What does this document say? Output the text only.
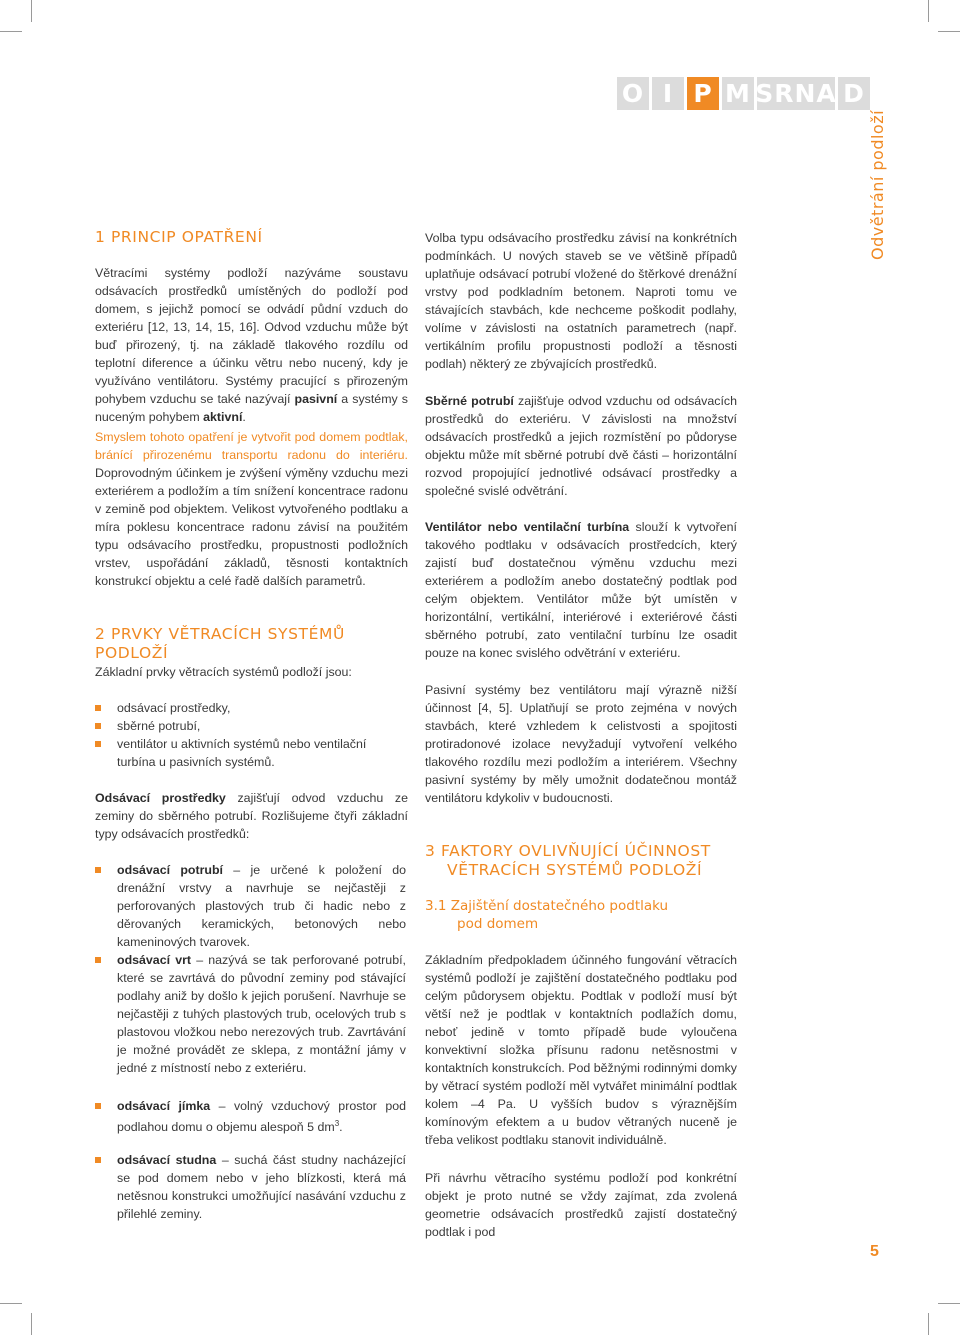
O I P M SRNA D
Odvětrání podloží
1 PRINCIP OPATŘENÍ

Větracími systémy podloží nazýváme soustavu odsávacích prostředků umístěných do podloží pod domem, s jejichž pomocí se odvádí půdní vzduch do exteriéru [12, 13, 14, 15, 16]. Odvod vzduchu může být buď přirozený, tj. na základě tlakového rozdílu od teplotní diference a účinku větru nebo nucený, kdy je využíváno ventilátoru. Systémy pracující s přirozeným pohybem vzduchu se také nazývají pasivní a systémy s nuceným pohybem aktivní.

Smyslem tohoto opatření je vytvořit pod domem podtlak, bránící přirozenému transportu radonu do interiéru. Doprovodným účinkem je zvýšení výměny vzduchu mezi exteriérem a podložím a tím snížení koncentrace radonu v zemině pod objektem. Velikost vytvořeného podtlaku a míra poklesu koncentrace radonu závisí na použitém typu odsávacího prostředku, propustnosti podložních vrstev, uspořádání základů, těsnosti kontaktních konstrukcí objektu a celé řadě dalších parametrů.

2 PRVKY VĚTRACÍCH SYSTÉMŮ PODLOŽÍ

Základní prvky větracích systémů podloží jsou:

odsávací prostředky,
sběrné potrubí,
ventilátor u aktivních systémů nebo ventilační turbína u pasivních systémů.

Odsávací prostředky zajišťují odvod vzduchu ze zeminy do sběrného potrubí. Rozlišujeme čtyři základní typy odsávacích prostředků:

odsávací potrubí – je určené k položení do drenážní vrstvy a navrhuje se nejčastěji z perforovaných plastových trub či hadic nebo z děrovaných keramických, betonových nebo kameninových tvarovek.

odsávací vrt – nazývá se tak perforované potrubí, které se zavrtává do původní zeminy pod stávající podlahy aniž by došlo k jejich porušení. Navrhuje se nejčastěji z tuhých plastových trub, ocelových trub s plastovou vložkou nebo nerezových trub. Zavrtávání je možné provádět ze sklepa, z montážní jámy v jedné z místností nebo z exteriéru.

odsávací jímka – volný vzduchový prostor pod podlahou domu o objemu alespoň 5 $dm^3$.

odsávací studna – suchá část studny nacházející se pod domem nebo v jeho blízkosti, která má netěsnou konstrukci umožňující nasávání vzduchu z přilehlé zeminy.

Volba typu odsávacího prostředku závisí na konkrétních podmínkách. U nových staveb se ve většině případů uplatňuje odsávací potrubí vložené do štěrkové drenážní vrstvy pod podkladním betonem. Naproti tomu ve stávajících stavbách, kde nechceme poškodit podlahy, volíme v závislosti na ostatních parametrech (např. vertikálním profilu propustnosti podloží a těsnosti podlah) některý ze zbývajících prostředků.

Sběrné potrubí zajišťuje odvod vzduchu od odsávacích prostředků do exteriéru. V závislosti na množství odsávacích prostředků a jejich rozmístění po půdoryse objektu může mít sběrné potrubí dvě části – horizontální rozvod propojující jednotlivé odsávací prostředky a společné svislé odvětrání.

Ventilátor nebo ventilační turbína slouží k vytvoření takového podtlaku v odsávacích prostředcích, který zajistí buď dostatečnou výměnu vzduchu mezi exteriérem a podložím anebo dostatečný podtlak pod celým objektem. Ventilátor může být umístěn v horizontální, vertikální, interiérové i exteriérové části sběrného potrubí, zato ventilační turbínu lze osadit pouze na konec svislého odvětrání v exteriéru.

Pasivní systémy bez ventilátoru mají výrazně nižší účinnost [4, 5]. Uplatňují se proto zejména v nových stavbách, které vzhledem k celistvosti a spojitosti protiradonové izolace nevyžadují vytvoření velkého tlakového rozdílu mezi podložím a interiérem. Všechny pasivní systémy by měly umožnit dodatečnou montáž ventilátoru kdykoliv v budoucnosti.

3 FAKTORY OVLIVŇUJÍCÍ ÚČINNOST
VĚTRACÍCH SYSTÉMŮ PODLOŽÍ
3.1 Zajištění dostatečného podtlaku
pod domem

Základním předpokladem účinného fungování větracích systémů podloží je zajištění dostatečného podtlaku pod celým půdorysem objektu. Podtlak v podloží musí být větší než je podtlak v kontaktních podlažích domu, neboť jedině v tomto případě bude vyloučena konvektivní složka přísunu radonu netěsnostmi v kontaktních konstrukcích. Pod běžnými rodinnými domky by větrací systém podloží měl vytvářet minimální podtlak kolem –4 Pa. U vyšších budov s výraznějším komínovým efektem a u budov větraných nuceně je třeba velikost podtlaku stanovit individuálně.

Při návrhu větracího systému podloží pod konkrétní objekt je proto nutné se vždy zajímat, zda zvolená geometrie odsávacích prostředků zajistí dostatečný podtlak i pod

5
